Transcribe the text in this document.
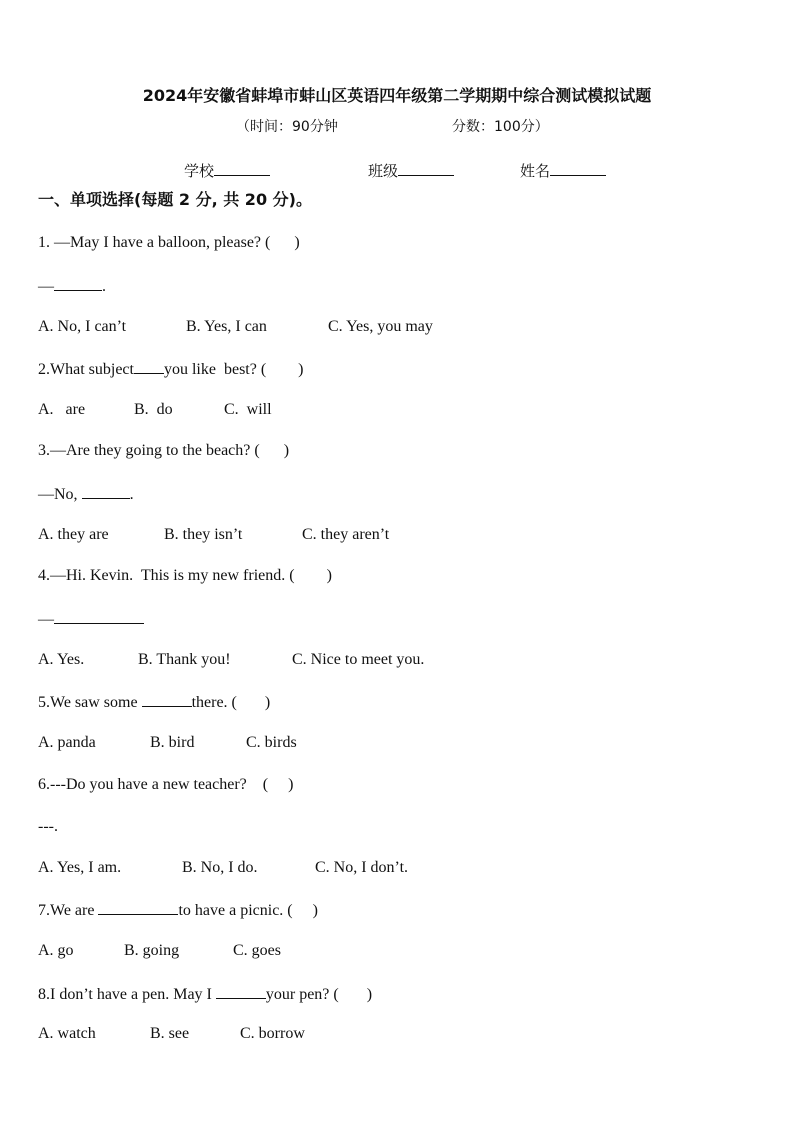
2024年安徽省蚌埠市蚌山区英语四年级第二学期期中综合测试模拟试题
（时间：90分钟	分数：100分）
学校	班级	姓名
一、单项选择(每题 2 分, 共 20 分)。
1. —May I have a balloon, please? ( )
—	.
A. No, I can’t	B. Yes, I can	C. Yes, you may
2.What subject you like  best? (        )
A.   are	B.  do	C.  will
3.—Are they going to the beach? (      )
—No,	.
A. they are	B. they isn’t	C. they aren’t
4.—Hi. Kevin.  This is my new friend. (        )
—
A. Yes.	B. Thank you!	C. Nice to meet you.
5.We saw some	there. (       )
A. panda	B. bird	C. birds
6.---Do you have a new teacher?    (     )
---.
A. Yes, I am.	B. No, I do.	C. No, I don’t.
7.We are	to have a picnic. (     )
A. go	B. going	C. goes
8.I don’t have a pen. May I	your pen? (       )
A. watch	B. see	C. borrow
